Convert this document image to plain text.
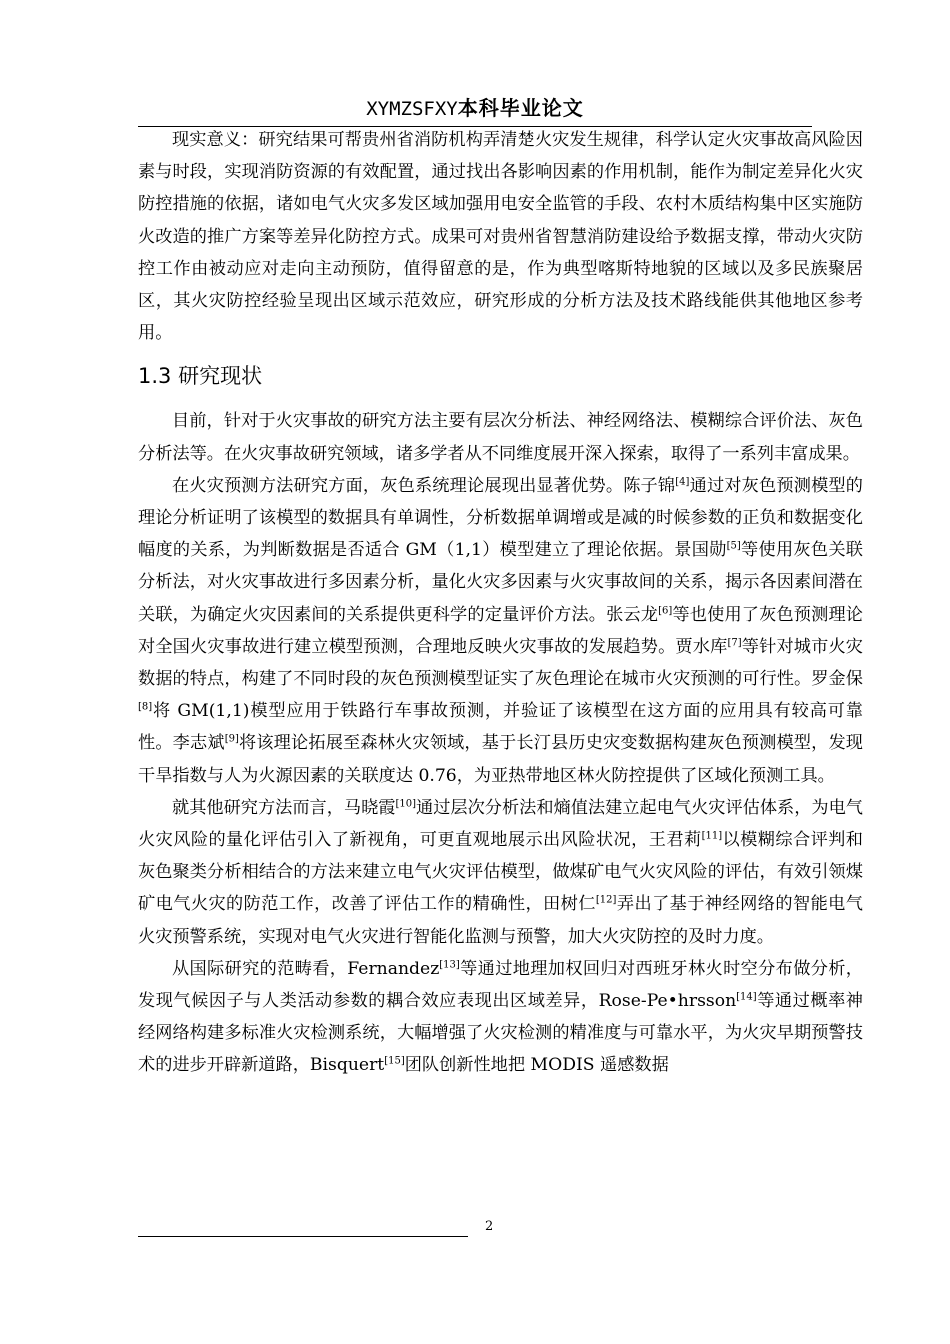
XYMZSFXY本科毕业论文

现实意义：研究结果可帮贵州省消防机构弄清楚火灾发生规律，科学认定火灾事故高风险因素与时段，实现消防资源的有效配置，通过找出各影响因素的作用机制，能作为制定差异化火灾防控措施的依据，诸如电气火灾多发区域加强用电安全监管的手段、农村木质结构集中区实施防火改造的推广方案等差异化防控方式。成果可对贵州省智慧消防建设给予数据支撑，带动火灾防控工作由被动应对走向主动预防，值得留意的是，作为典型喀斯特地貌的区域以及多民族聚居区，其火灾防控经验呈现出区域示范效应，研究形成的分析方法及技术路线能供其他地区参考用。

1.3 研究现状

目前，针对于火灾事故的研究方法主要有层次分析法、神经网络法、模糊综合评价法、灰色分析法等。在火灾事故研究领域，诸多学者从不同维度展开深入探索，取得了一系列丰富成果。

在火灾预测方法研究方面，灰色系统理论展现出显著优势。陈子锦[4]通过对灰色预测模型的理论分析证明了该模型的数据具有单调性，分析数据单调增或是减的时候参数的正负和数据变化幅度的关系，为判断数据是否适合 GM（1,1）模型建立了理论依据。景国勋[5]等使用灰色关联分析法，对火灾事故进行多因素分析，量化火灾多因素与火灾事故间的关系，揭示各因素间潜在关联，为确定火灾因素间的关系提供更科学的定量评价方法。张云龙[6]等也使用了灰色预测理论对全国火灾事故进行建立模型预测，合理地反映火灾事故的发展趋势。贾水库[7]等针对城市火灾数据的特点，构建了不同时段的灰色预测模型证实了灰色理论在城市火灾预测的可行性。罗金保[8]将 GM(1,1)模型应用于铁路行车事故预测，并验证了该模型在这方面的应用具有较高可靠性。李志斌[9]将该理论拓展至森林火灾领域，基于长汀县历史灾变数据构建灰色预测模型，发现干旱指数与人为火源因素的关联度达 0.76，为亚热带地区林火防控提供了区域化预测工具。

就其他研究方法而言，马晓霞[10]通过层次分析法和熵值法建立起电气火灾评估体系，为电气火灾风险的量化评估引入了新视角，可更直观地展示出风险状况，王君莉[11]以模糊综合评判和灰色聚类分析相结合的方法来建立电气火灾评估模型，做煤矿电气火灾风险的评估，有效引领煤矿电气火灾的防范工作，改善了评估工作的精确性，田树仁[12]弄出了基于神经网络的智能电气火灾预警系统，实现对电气火灾进行智能化监测与预警，加大火灾防控的及时力度。

从国际研究的范畴看，Fernandez[13]等通过地理加权回归对西班牙林火时空分布做分析，发现气候因子与人类活动参数的耦合效应表现出区域差异，Rose-Pe•hrsson[14]等通过概率神经网络构建多标准火灾检测系统，大幅增强了火灾检测的精准度与可靠水平，为火灾早期预警技术的进步开辟新道路，Bisquert[15]团队创新性地把 MODIS 遥感数据

2
